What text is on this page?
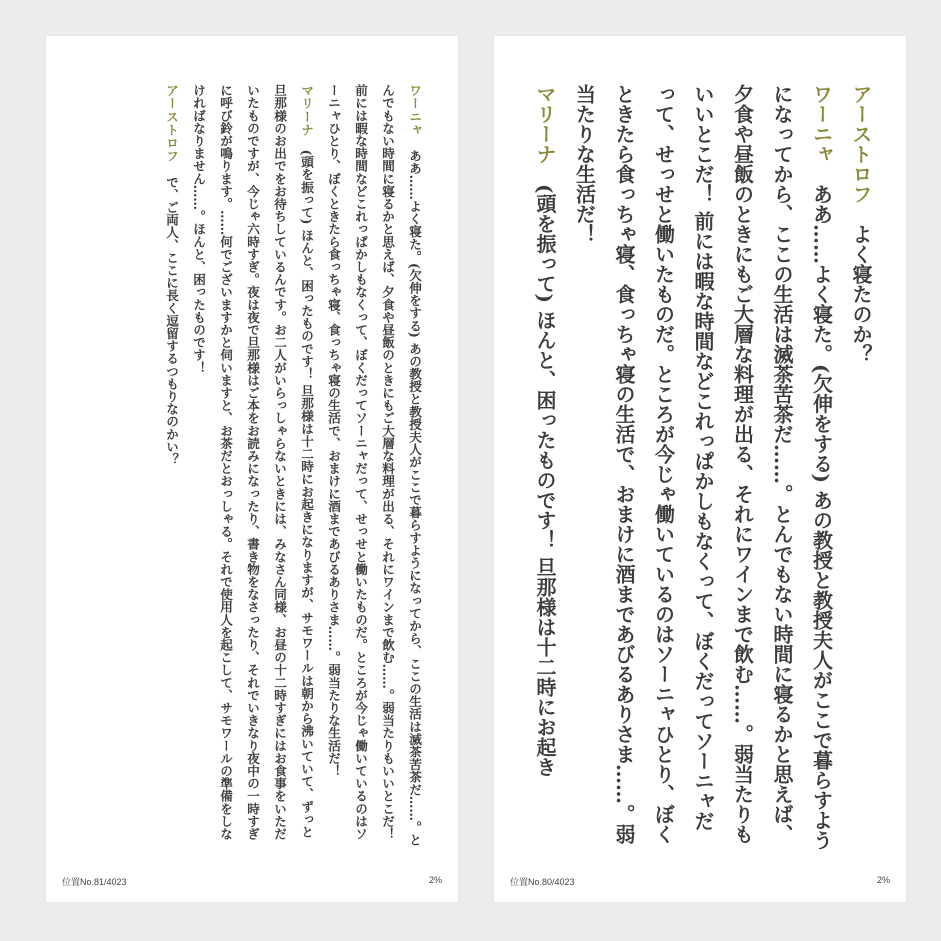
ワーニャああ……よく寝た。(欠伸をする) あの教授と教授夫人がここで暮らすようになってから、ここの生活は滅茶苦茶だ……。とんでもない時間に寝るかと思えば、夕食や昼飯のときにもご大層な料理が出る、それにワインまで飲む……。弱当たりもいいとこだ！ 前には暇な時間などこれっぱかしもなくって、ぼくだってソーニャだって、せっせと働いたものだ。ところが今じゃ働いているのはソーニャひとり、ぼくときたら食っちゃ寝、食っちゃ寝の生活で、おまけに酒まであびるありさま……。弱当たりな生活だ！
マリーナ(頭を振って) ほんと、困ったものです！ 旦那様は十二時にお起きになりますが、サモワールは朝から沸いていて、ずっと旦那様のお出でをお待ちしているんです。お二人がいらっしゃらないときには、みなさん同様、お昼の十二時すぎにはお食事をいただいたものですが、今じゃ六時すぎ。夜は夜で旦那様はご本をお読みになったり、書き物をなさったり、それでいきなり夜中の一時すぎに呼び鈴が鳴ります。……何でございますかと伺いますと、お茶だとおっしゃる。それで使用人を起こして、サモワールの準備をしなければなりません……。ほんと、困ったものです！
アーストロフで、ご両人、ここに長く逗留するつもりなのかい？
位置No.81/4023	2%
アーストロフよく寝たのか？
ワーニャああ……よく寝た。(欠伸をする) あの教授と教授夫人がここで暮らすようになってから、ここの生活は滅茶苦茶だ……。とんでもない時間に寝るかと思えば、夕食や昼飯のときにもご大層な料理が出る、それにワインまで飲む……。弱当たりもいいとこだ！ 前には暇な時間などこれっぱかしもなくって、ぼくだってソーニャだって、せっせと働いたものだ。ところが今じゃ働いているのはソーニャひとり、ぼくときたら食っちゃ寝、食っちゃ寝の生活で、おまけに酒まであびるありさま……。弱当たりな生活だ！
マリーナ(頭を振って) ほんと、困ったものです！ 旦那様は十二時にお起き
位置No.80/4023	2%
